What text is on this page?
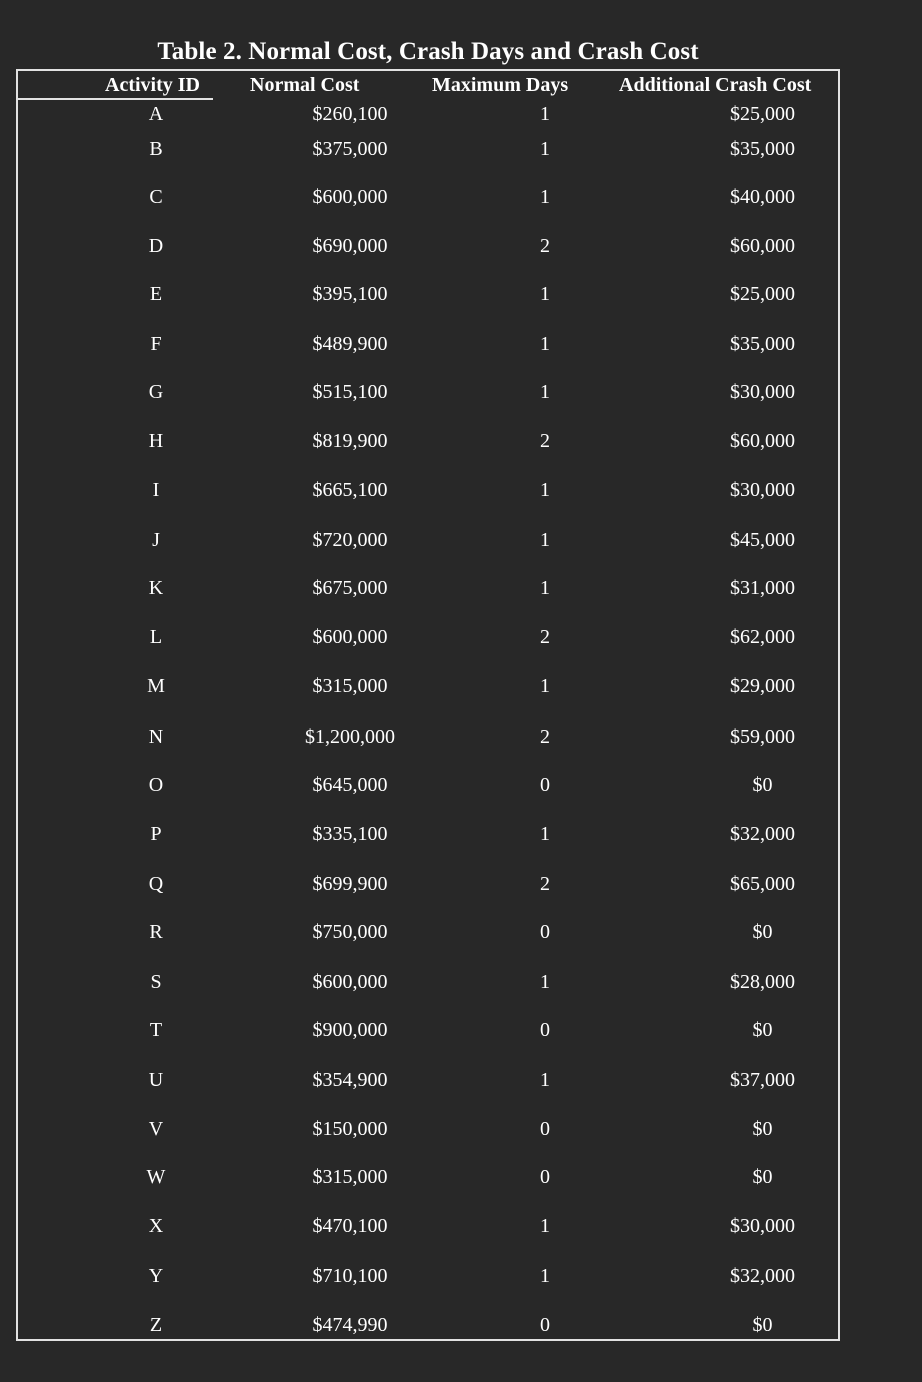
Table 2. Normal Cost, Crash Days and Crash Cost
Activity ID	Normal Cost	Maximum Days	Additional Crash Cost
A	$260,100	1	$25,000
B	$375,000	1	$35,000
C	$600,000	1	$40,000
D	$690,000	2	$60,000
E	$395,100	1	$25,000
F	$489,900	1	$35,000
G	$515,100	1	$30,000
H	$819,900	2	$60,000
I	$665,100	1	$30,000
J	$720,000	1	$45,000
K	$675,000	1	$31,000
L	$600,000	2	$62,000
M	$315,000	1	$29,000
N	$1,200,000	2	$59,000
O	$645,000	0	$0
P	$335,100	1	$32,000
Q	$699,900	2	$65,000
R	$750,000	0	$0
S	$600,000	1	$28,000
T	$900,000	0	$0
U	$354,900	1	$37,000
V	$150,000	0	$0
W	$315,000	0	$0
X	$470,100	1	$30,000
Y	$710,100	1	$32,000
Z	$474,990	0	$0
